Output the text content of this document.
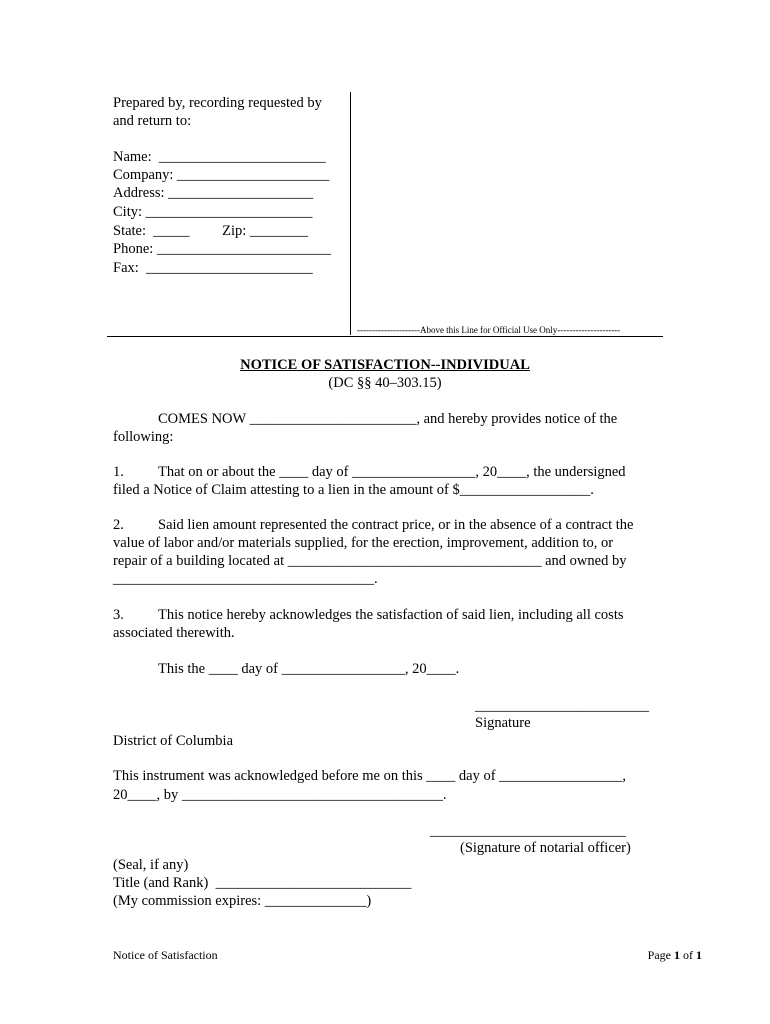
Prepared by, recording requested by
and return to:
Name:  _______________________
Company: _____________________
Address: ____________________
City: _______________________
State:  _____         Zip: ________
Phone: ________________________
Fax:  _______________________
---------------------Above this Line for Official Use Only---------------------
NOTICE OF SATISFACTION--INDIVIDUAL
(DC §§ 40–303.15)
COMES NOW _______________________, and hereby provides notice of the
following:
1. That on or about the ____ day of _________________, 20____, the undersigned
filed a Notice of Claim attesting to a lien in the amount of $__________________.
2. Said lien amount represented the contract price, or in the absence of a contract the
value of labor and/or materials supplied, for the erection, improvement, addition to, or
repair of a building located at ___________________________________ and owned by
____________________________________.
3. This notice hereby acknowledges the satisfaction of said lien, including all costs
associated therewith.
This the ____ day of _________________, 20____.
________________________
Signature
District of Columbia
This instrument was acknowledged before me on this ____ day of _________________,
20____, by ____________________________________.
___________________________
(Signature of notarial officer)
(Seal, if any)
Title (and Rank)  ___________________________
(My commission expires: ______________)
Notice of Satisfaction	Page 1 of 1
